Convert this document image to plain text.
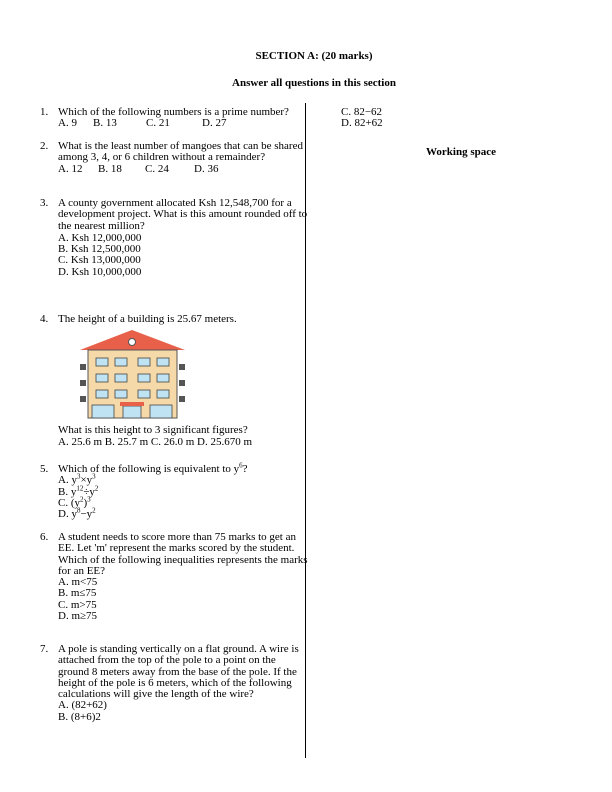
SECTION A: (20 marks)
Answer all questions in this section
1. Which of the following numbers is a prime number?
A. 9 B. 13	C. 21	D. 27
2. What is the least number of mangoes that can be shared among 3, 4, or 6 children without a remainder?
A. 12 B. 18 C. 24 D. 36
3. A county government allocated Ksh 12,548,700 for a development project. What is this amount rounded off to the nearest million?
A. Ksh 12,000,000
B. Ksh 12,500,000
C. Ksh 13,000,000
D. Ksh 10,000,000
4. The height of a building is 25.67 meters.
What is this height to 3 significant figures?
A. 25.6 m B. 25.7 m C. 26.0 m D. 25.670 m
5. Which of the following is equivalent to $y^6$?
A. $y^3\times y^3$
B. $y^{12}\div y^2$
C. $(y^2)^3$
D. $y^8-y^2$
6. A student needs to score more than 75 marks to get an EE. Let 'm' represent the marks scored by the student. Which of the following inequalities represents the marks for an EE?
A. m<75
B. m≤75
C. m>75
D. m≥75
7. A pole is standing vertically on a flat ground. A wire is attached from the top of the pole to a point on the ground 8 meters away from the base of the pole. If the height of the pole is 6 meters, which of the following calculations will give the length of the wire?
A. (82+62)
B. (8+6)2
C. 82−62
D. 82+62
Working space
